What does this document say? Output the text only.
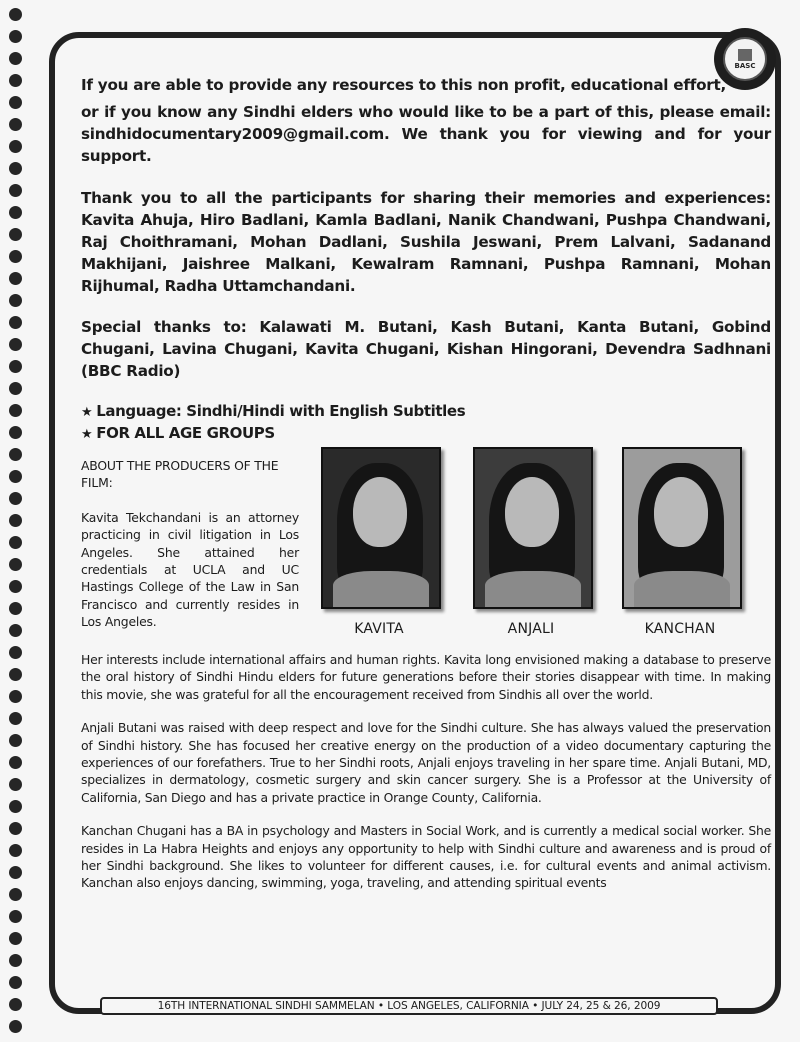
BASC

If you are able to provide any resources to this non profit, educational effort,
or if you know any Sindhi elders who would like to be a part of this, please email: sindhidocumentary2009@gmail.com. We thank you for viewing and for your support.

Thank you to all the participants for sharing their memories and experiences: Kavita Ahuja, Hiro Badlani, Kamla Badlani, Nanik Chandwani, Pushpa Chandwani, Raj Choithramani, Mohan Dadlani, Sushila Jeswani, Prem Lalvani, Sadanand Makhijani, Jaishree Malkani, Kewalram Ramnani, Pushpa Ramnani, Mohan Rijhumal, Radha Uttamchandani.

Special thanks to: Kalawati M. Butani, Kash Butani, Kanta Butani, Gobind Chugani, Lavina Chugani, Kavita Chugani, Kishan Hingorani, Devendra Sadhnani (BBC Radio)

★ Language: Sindhi/Hindi with English Subtitles
★ FOR ALL AGE GROUPS

ABOUT THE PRODUCERS OF THE FILM:

Kavita Tekchandani is an attorney practicing in civil litigation in Los Angeles. She attained her credentials at UCLA and UC Hastings College of the Law in San Francisco and currently resides in Los Angeles.	KAVITA	ANJALI	KANCHAN

Her interests include international affairs and human rights. Kavita long envisioned making a database to preserve the oral history of Sindhi Hindu elders for future generations before their stories disappear with time. In making this movie, she was grateful for all the encouragement received from Sindhis all over the world.

Anjali Butani was raised with deep respect and love for the Sindhi culture. She has always valued the preservation of Sindhi history. She has focused her creative energy on the production of a video documentary capturing the experiences of our forefathers. True to her Sindhi roots, Anjali enjoys traveling in her spare time. Anjali Butani, MD, specializes in dermatology, cosmetic surgery and skin cancer surgery. She is a Professor at the University of California, San Diego and has a private practice in Orange County, California.

Kanchan Chugani has a BA in psychology and Masters in Social Work, and is currently a medical social worker. She resides in La Habra Heights and enjoys any opportunity to help with Sindhi culture and awareness and is proud of her Sindhi background. She likes to volunteer for different causes, i.e. for cultural events and animal activism. Kanchan also enjoys dancing, swimming, yoga, traveling, and attending spiritual events

16TH INTERNATIONAL SINDHI SAMMELAN • LOS ANGELES, CALIFORNIA • JULY 24, 25 & 26, 2009
